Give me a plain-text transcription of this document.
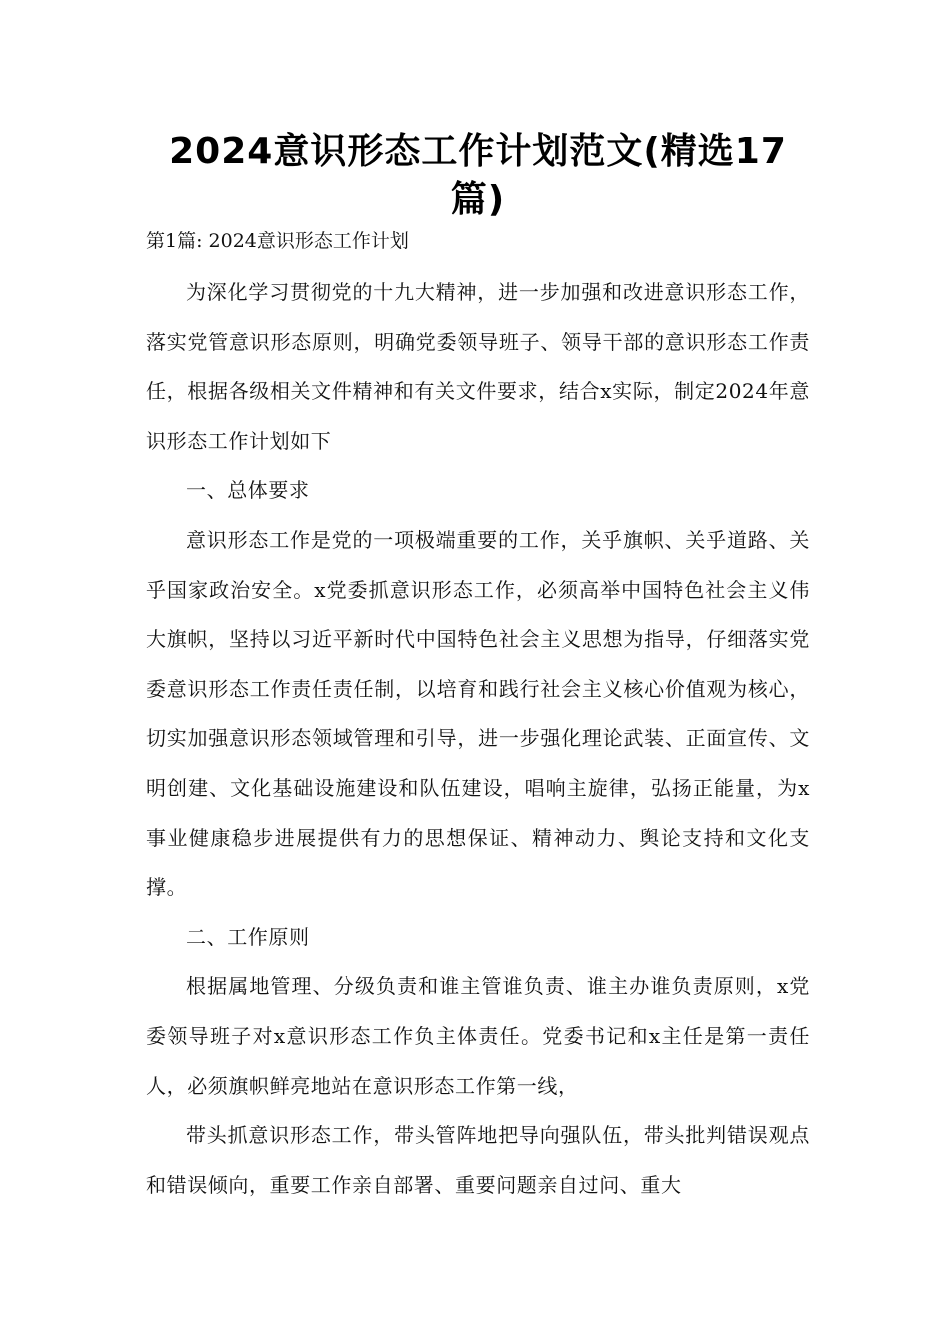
2024意识形态工作计划范文(精选17
篇)

第1篇: 2024意识形态工作计划

为深化学习贯彻党的十九大精神，进一步加强和改进意识形态工作，落实党管意识形态原则，明确党委领导班子、领导干部的意识形态工作责任，根据各级相关文件精神和有关文件要求，结合x实际，制定2024年意识形态工作计划如下

一、总体要求

意识形态工作是党的一项极端重要的工作，关乎旗帜、关乎道路、关乎国家政治安全。x党委抓意识形态工作，必须高举中国特色社会主义伟大旗帜，坚持以习近平新时代中国特色社会主义思想为指导，仔细落实党委意识形态工作责任责任制，以培育和践行社会主义核心价值观为核心，切实加强意识形态领域管理和引导，进一步强化理论武装、正面宣传、文明创建、文化基础设施建设和队伍建设，唱响主旋律，弘扬正能量，为x事业健康稳步进展提供有力的思想保证、精神动力、舆论支持和文化支撑。

二、工作原则

根据属地管理、分级负责和谁主管谁负责、谁主办谁负责原则，x党委领导班子对x意识形态工作负主体责任。党委书记和x主任是第一责任人，必须旗帜鲜亮地站在意识形态工作第一线，

带头抓意识形态工作，带头管阵地把导向强队伍，带头批判错误观点和错误倾向，重要工作亲自部署、重要问题亲自过问、重大
